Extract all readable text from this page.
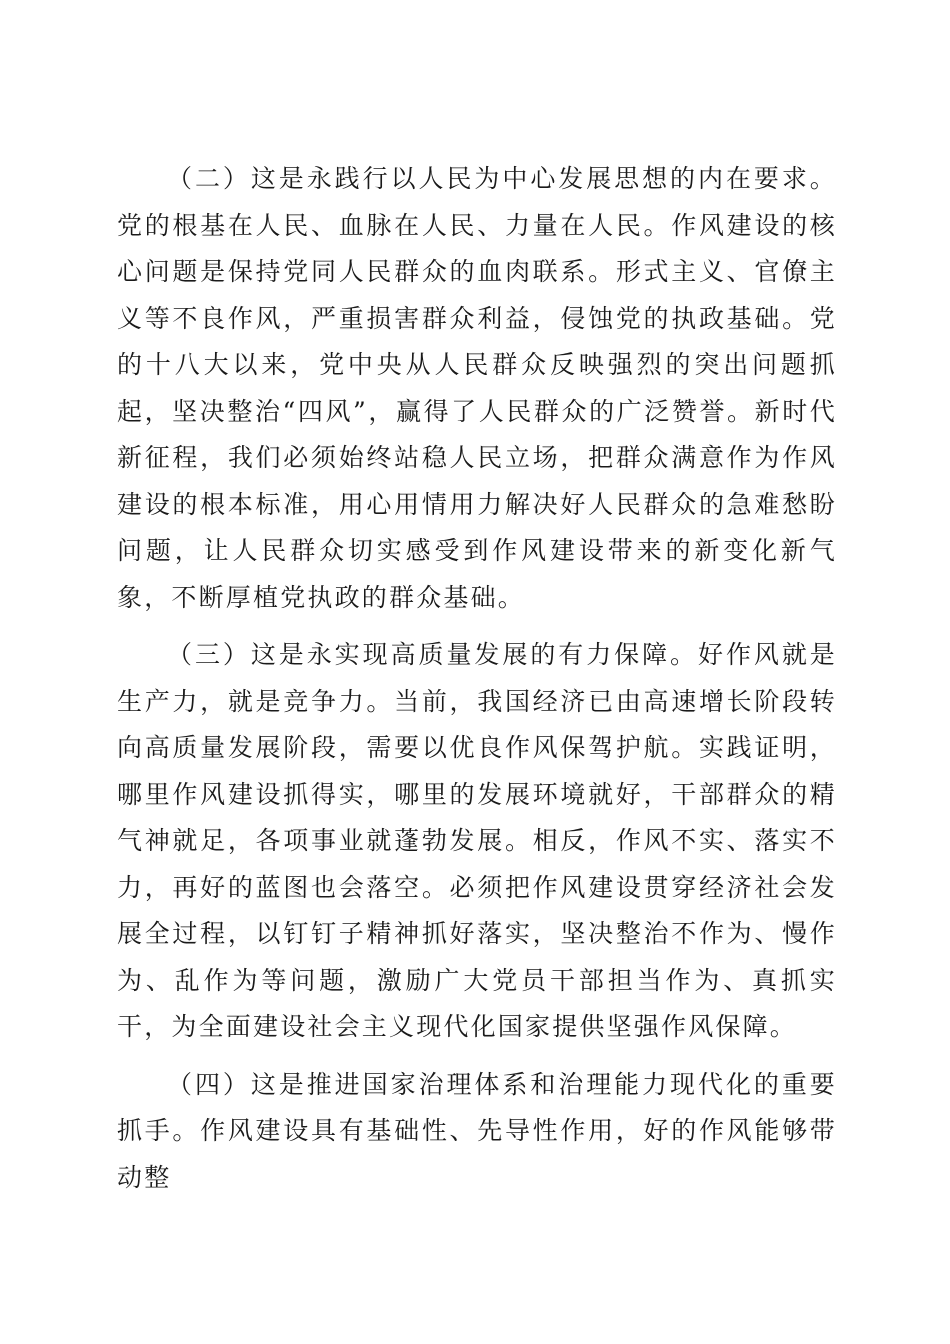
（二）这是永践行以人民为中心发展思想的内在要求。党的根基在人民、血脉在人民、力量在人民。作风建设的核心问题是保持党同人民群众的血肉联系。形式主义、官僚主义等不良作风，严重损害群众利益，侵蚀党的执政基础。党的十八大以来，党中央从人民群众反映强烈的突出问题抓起，坚决整治“四风”，赢得了人民群众的广泛赞誉。新时代新征程，我们必须始终站稳人民立场，把群众满意作为作风建设的根本标准，用心用情用力解决好人民群众的急难愁盼问题，让人民群众切实感受到作风建设带来的新变化新气象，不断厚植党执政的群众基础。

（三）这是永实现高质量发展的有力保障。好作风就是生产力，就是竞争力。当前，我国经济已由高速增长阶段转向高质量发展阶段，需要以优良作风保驾护航。实践证明，哪里作风建设抓得实，哪里的发展环境就好，干部群众的精气神就足，各项事业就蓬勃发展。相反，作风不实、落实不力，再好的蓝图也会落空。必须把作风建设贯穿经济社会发展全过程，以钉钉子精神抓好落实，坚决整治不作为、慢作为、乱作为等问题，激励广大党员干部担当作为、真抓实干，为全面建设社会主义现代化国家提供坚强作风保障。

（四）这是推进国家治理体系和治理能力现代化的重要抓手。作风建设具有基础性、先导性作用，好的作风能够带动整
